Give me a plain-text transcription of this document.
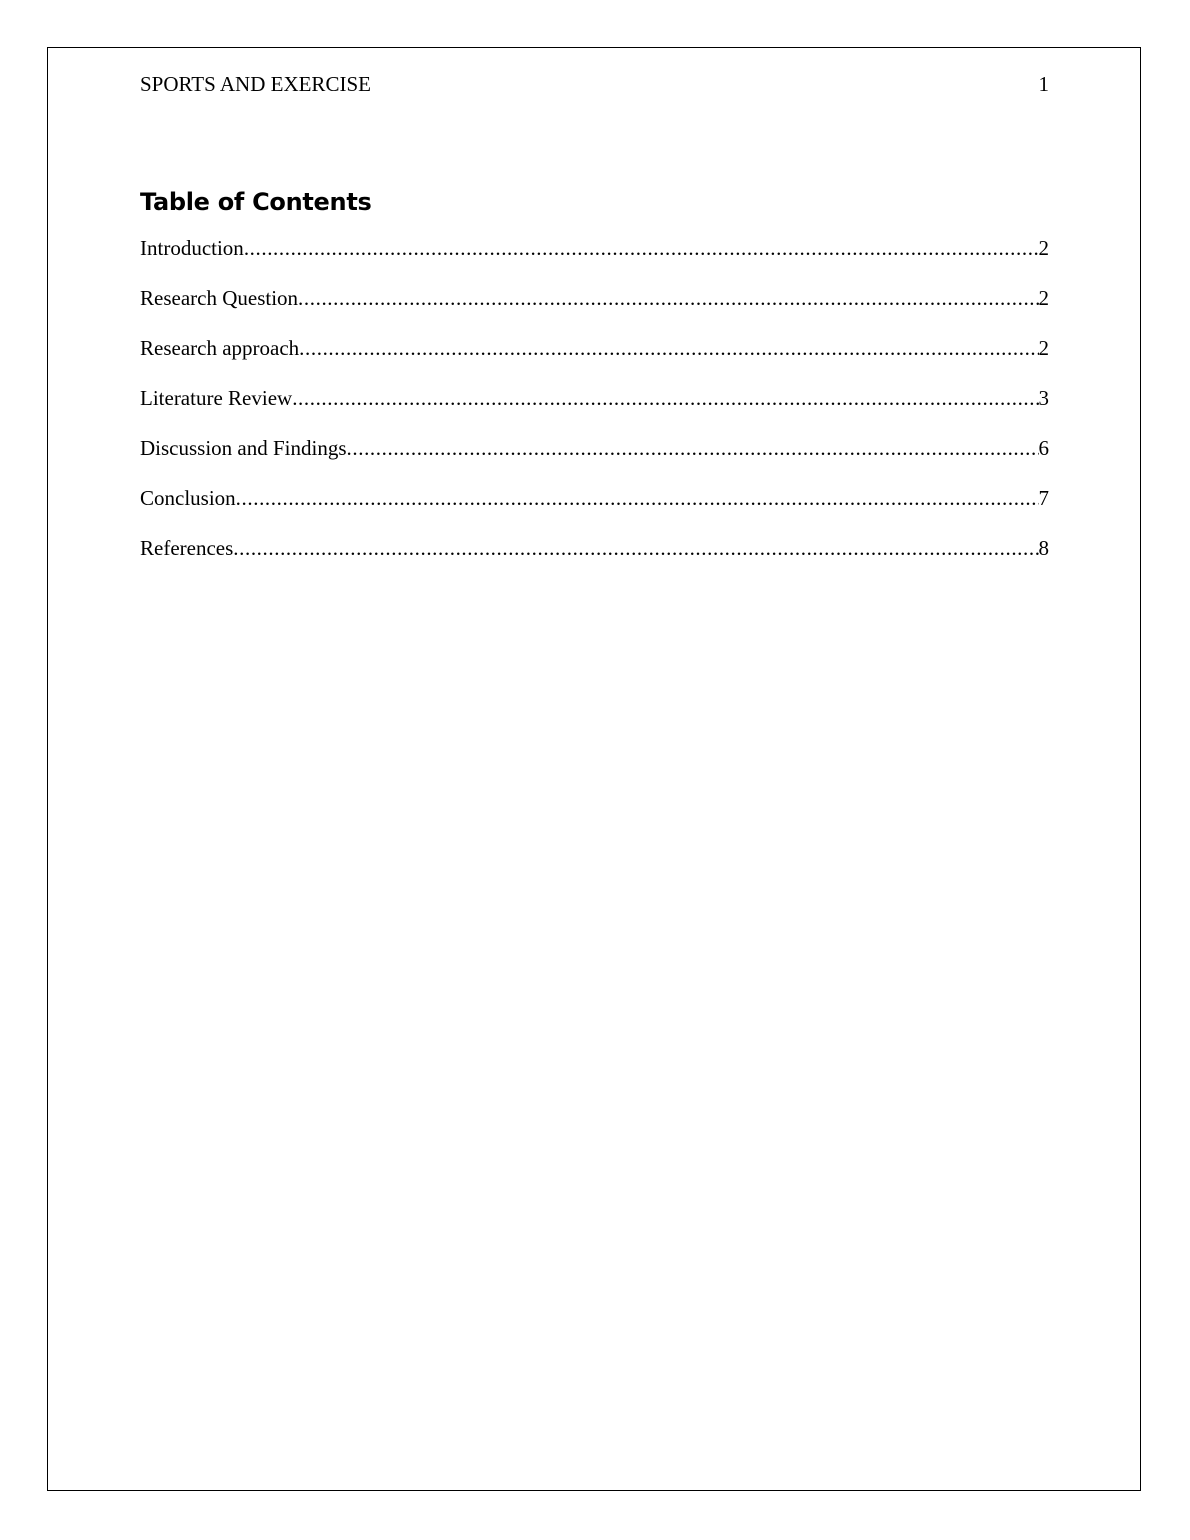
SPORTS AND EXERCISE	1
Table of Contents
Introduction .....	2
Research Question .....	2
Research approach .....	2
Literature Review .....	3
Discussion and Findings .....	6
Conclusion .....	7
References .....	8
